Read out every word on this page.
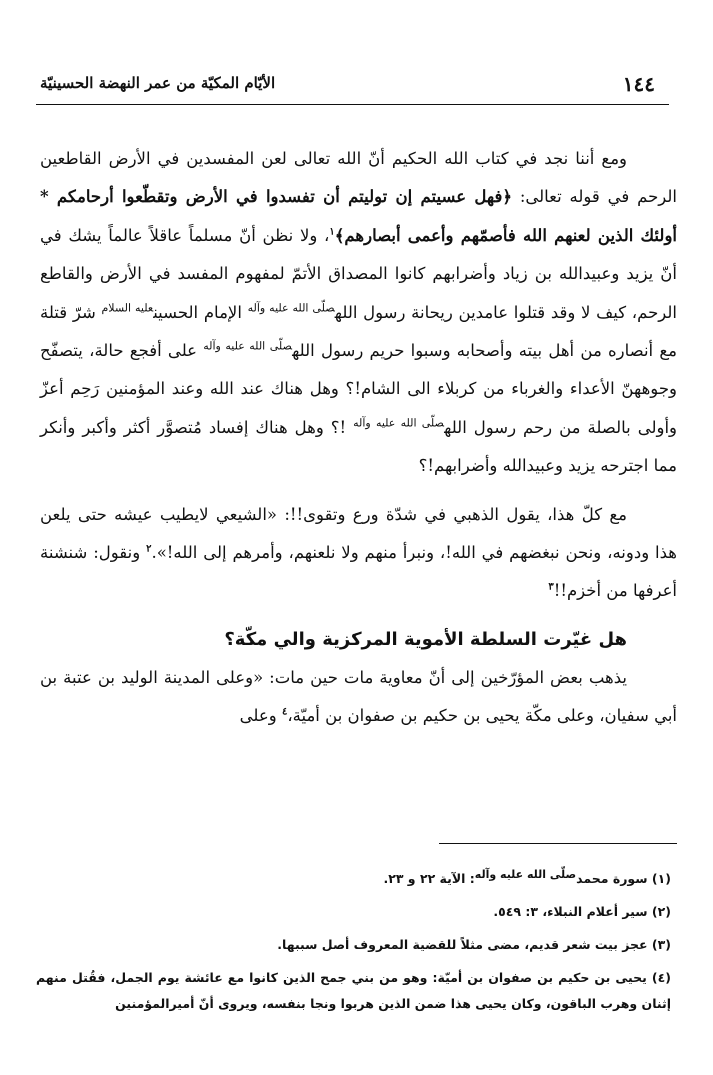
١٤٤
الأيّام المكيّة من عمر النهضة الحسينيّة

ومع أننا نجد في كتاب الله الحكيم أنّ الله تعالى لعن المفسدين في الأرض القاطعين الرحم في قوله تعالى: ﴿فهل عسيتم إن توليتم أن تفسدوا في الأرض وتقطّعوا أرحامكم * أولئك الذين لعنهم الله فأصمّهم وأعمى أبصارهم﴾$^١$، ولا نظن أنّ مسلماً عاقلاً عالماً يشك في أنّ يزيد وعبيدالله بن زياد وأضرابهم كانوا المصداق الأتمّ لمفهوم المفسد في الأرض والقاطع الرحم، كيف لا وقد قتلوا عامدين ريحانة رسول الله$^{صلّى الله عليه وآله}$ الإمام الحسين$^{عليه السلام}$ شرّ قتلة مع أنصاره من أهل بيته وأصحابه وسبوا حريم رسول الله$^{صلّى الله عليه وآله}$ على أفجع حالة، يتصفّح وجوههنّ الأعداء والغرباء من كربلاء الى الشام!؟ وهل هناك عند الله وعند المؤمنين رَحِم أعزّ وأولى بالصلة من رحم رسول الله$^{صلّى الله عليه وآله}$ !؟ وهل هناك إفساد مُتصوَّر أكثر وأكبر وأنكر مما اجترحه يزيد وعبيدالله وأضرابهم!؟

مع كلّ هذا، يقول الذهبي في شدّة ورع وتقوى!!: «الشيعي لايطيب عيشه حتى يلعن هذا ودونه، ونحن نبغضهم في الله!، ونبرأ منهم ولا نلعنهم، وأمرهم إلى الله!».$^٢$ ونقول: شنشنة أعرفها من أخزم!!$^٣$

هل غيّرت السلطة الأموية المركزية والي مكّة؟

يذهب بعض المؤرّخين إلى أنّ معاوية مات حين مات: «وعلى المدينة الوليد بن عتبة بن أبي سفيان، وعلى مكّة يحيى بن حكيم بن صفوان بن أميّة،$^٤$ وعلى

(١) سورة محمدصلّى الله عليه وآله: الآية ٢٢ و ٢٣.

(٢) سير أعلام النبلاء، ٣: ٥٤٩.

(٣) عجز بيت شعر قديم، مضى مثلاً للقضية المعروف أصل سببها.

(٤) يحيى بن حكيم بن صفوان بن أميّة: وهو من بني جمح الذين كانوا مع عائشة يوم الجمل، فقُتل منهم إثنان وهرب الباقون، وكان يحيى هذا ضمن الذين هربوا ونجا بنفسه، ويروى أنّ أميرالمؤمنين
